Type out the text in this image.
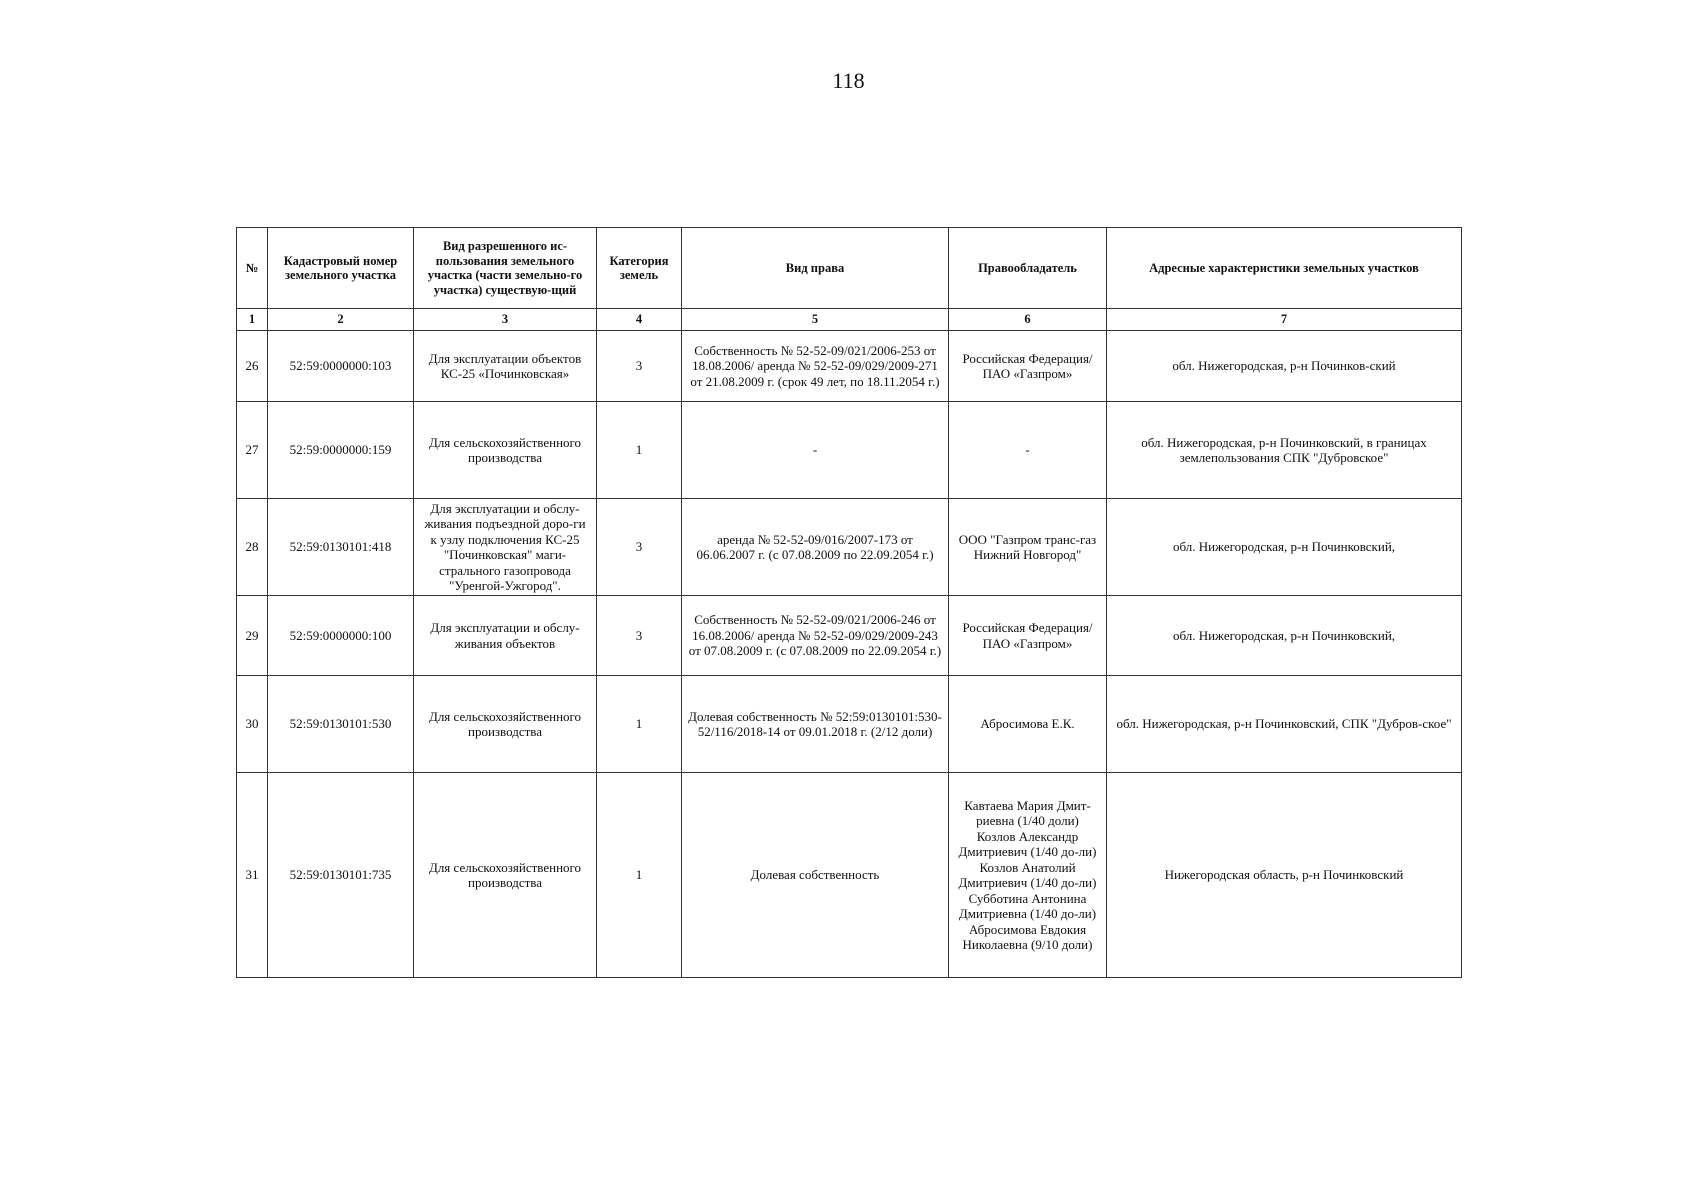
118
№	Кадастровый номер земельного участка	Вид разрешенного ис-пользования земельного участка (части земельно-го участка) существую-щий	Категория земель	Вид права	Правообладатель	Адресные характеристики земельных участков
1	2	3	4	5	6	7
26	52:59:0000000:103	Для эксплуатации объектов КС-25 «Починковская»	3	Собственность № 52-52-09/021/2006-253 от 18.08.2006/ аренда № 52-52-09/029/2009-271 от 21.08.2009 г. (срок 49 лет, по 18.11.2054 г.)	Российская Федерация/ ПАО «Газпром»	обл. Нижегородская, р-н Починков-ский
27	52:59:0000000:159	Для сельскохозяйственного производства	1	-	-	обл. Нижегородская, р-н Починковский, в границах землепользования СПК "Дубровское"
28	52:59:0130101:418	Для эксплуатации и обслу-живания подъездной доро-ги к узлу подключения КС-25 "Починковская" маги-стрального газопровода "Уренгой-Ужгород".	3	аренда № 52-52-09/016/2007-173 от 06.06.2007 г. (с 07.08.2009 по 22.09.2054 г.)	ООО "Газпром транс-газ Нижний Новгород"	обл. Нижегородская, р-н Починковский,
29	52:59:0000000:100	Для эксплуатации и обслу-живания объектов	3	Собственность № 52-52-09/021/2006-246 от 16.08.2006/ аренда № 52-52-09/029/2009-243 от 07.08.2009 г. (с 07.08.2009 по 22.09.2054 г.)	Российская Федерация/ ПАО «Газпром»	обл. Нижегородская, р-н Починковский,
30	52:59:0130101:530	Для сельскохозяйственного производства	1	Долевая собственность № 52:59:0130101:530-52/116/2018-14 от 09.01.2018 г. (2/12 доли)	Абросимова Е.К.	обл. Нижегородская, р-н Починковский, СПК "Дубров-ское"
31	52:59:0130101:735	Для сельскохозяйственного производства	1	Долевая собственность	Кавтаева Мария Дмит-риевна (1/40 доли)
Козлов Александр Дмитриевич (1/40 до-ли)
Козлов Анатолий Дмитриевич (1/40 до-ли)
Субботина Антонина Дмитриевна (1/40 до-ли)
Абросимова Евдокия Николаевна (9/10 доли)	Нижегородская область, р-н Починковский
